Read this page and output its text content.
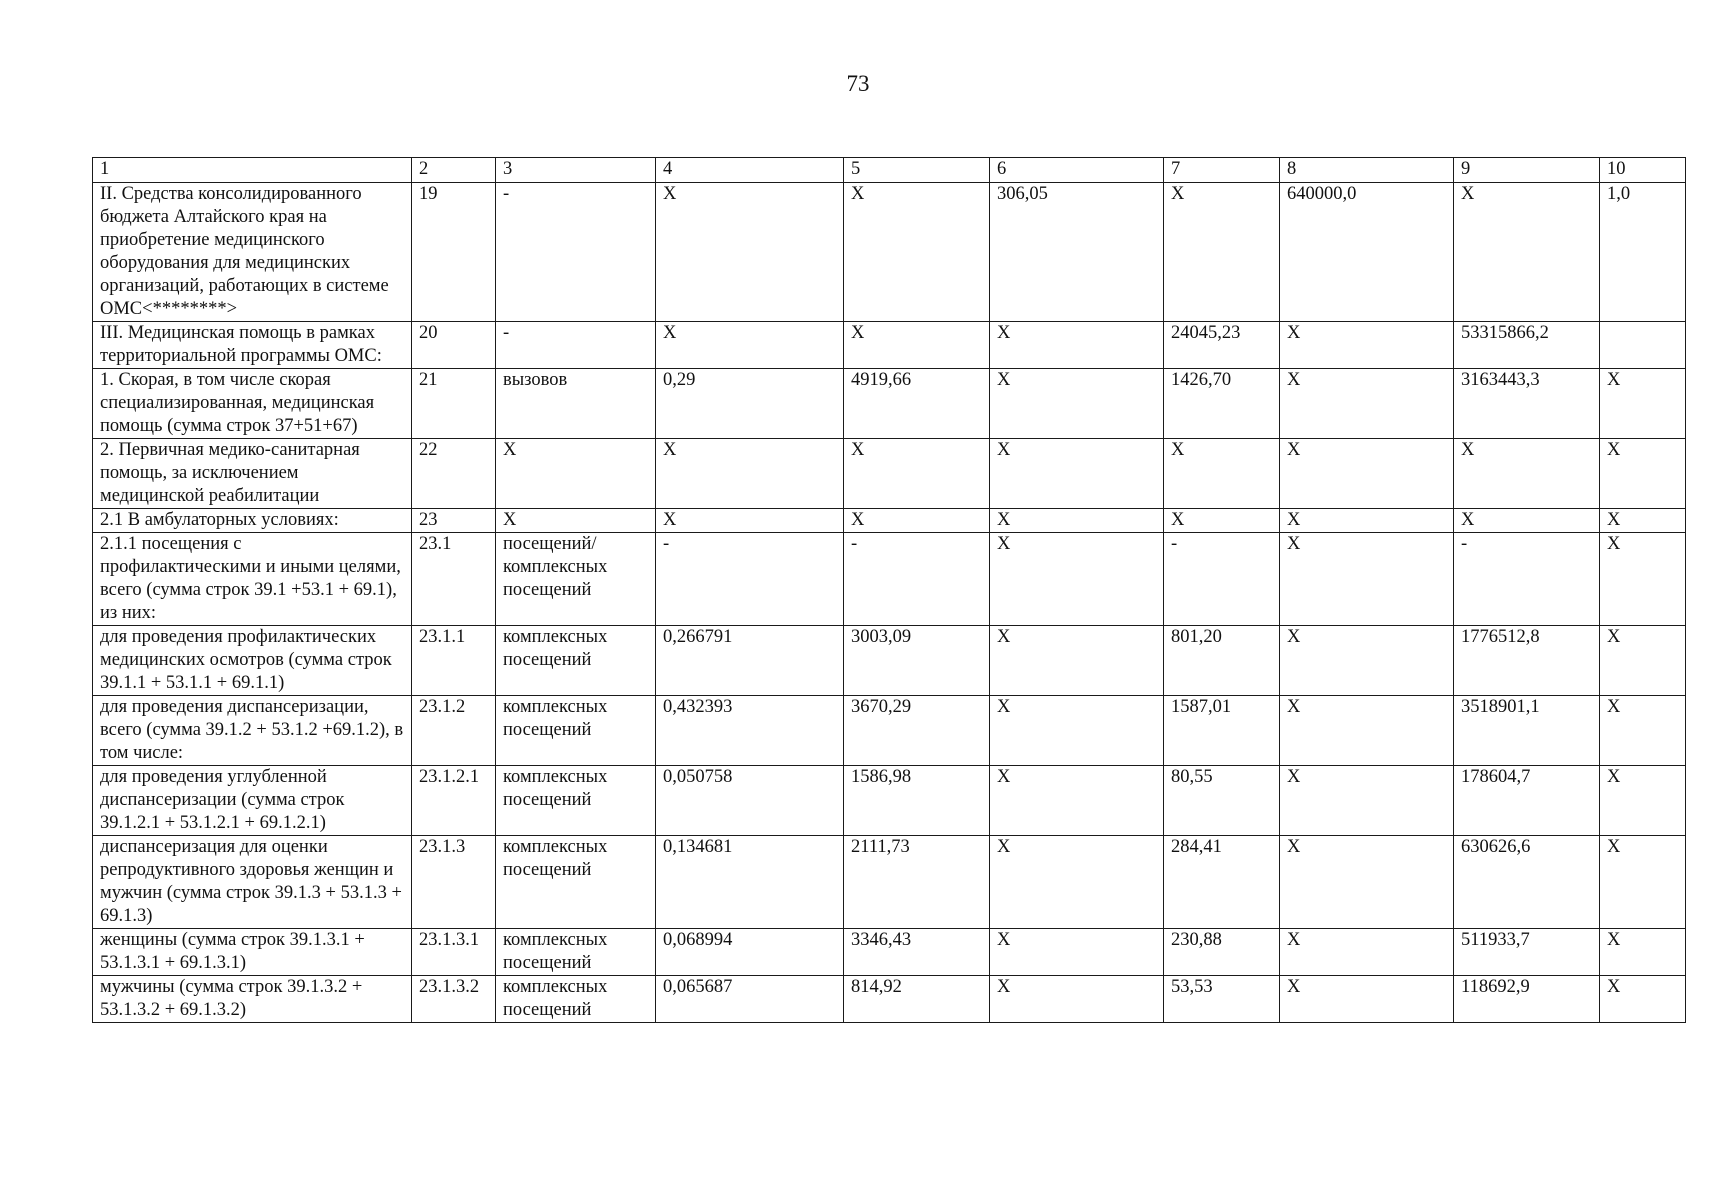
73
1	2	3	4	5	6	7	8	9	10
II. Средства консолидированного бюджета Алтайского края на приобретение медицинского оборудования для медицинских организаций, работающих в системе ОМС<********>	19	-	X	X	306,05	X	640000,0	X	1,0
III. Медицинская помощь в рамках территориальной программы ОМС:	20	-	X	X	X	24045,23	X	53315866,2	
1. Скорая, в том числе скорая специализированная, медицинская помощь (сумма строк 37+51+67)	21	вызовов	0,29	4919,66	X	1426,70	X	3163443,3	X
2. Первичная медико-санитарная помощь, за исключением медицинской реабилитации	22	X	X	X	X	X	X	X	X
2.1 В амбулаторных условиях:	23	X	X	X	X	X	X	X	X
2.1.1 посещения с профилактическими и иными целями, всего (сумма строк 39.1 +53.1 + 69.1), из них:	23.1	посещений/ комплексных посещений	-	-	X	-	X	-	X
для проведения профилактических медицинских осмотров (сумма строк 39.1.1 + 53.1.1 + 69.1.1)	23.1.1	комплексных посещений	0,266791	3003,09	X	801,20	X	1776512,8	X
для проведения диспансеризации, всего (сумма 39.1.2 + 53.1.2 +69.1.2), в том числе:	23.1.2	комплексных посещений	0,432393	3670,29	X	1587,01	X	3518901,1	X
для проведения углубленной диспансеризации (сумма строк 39.1.2.1 + 53.1.2.1 + 69.1.2.1)	23.1.2.1	комплексных посещений	0,050758	1586,98	X	80,55	X	178604,7	X
диспансеризация для оценки репродуктивного здоровья женщин и мужчин (сумма строк 39.1.3 + 53.1.3 + 69.1.3)	23.1.3	комплексных посещений	0,134681	2111,73	X	284,41	X	630626,6	X
женщины (сумма строк 39.1.3.1 + 53.1.3.1 + 69.1.3.1)	23.1.3.1	комплексных посещений	0,068994	3346,43	X	230,88	X	511933,7	X
мужчины (сумма строк 39.1.3.2 + 53.1.3.2 + 69.1.3.2)	23.1.3.2	комплексных посещений	0,065687	814,92	X	53,53	X	118692,9	X
